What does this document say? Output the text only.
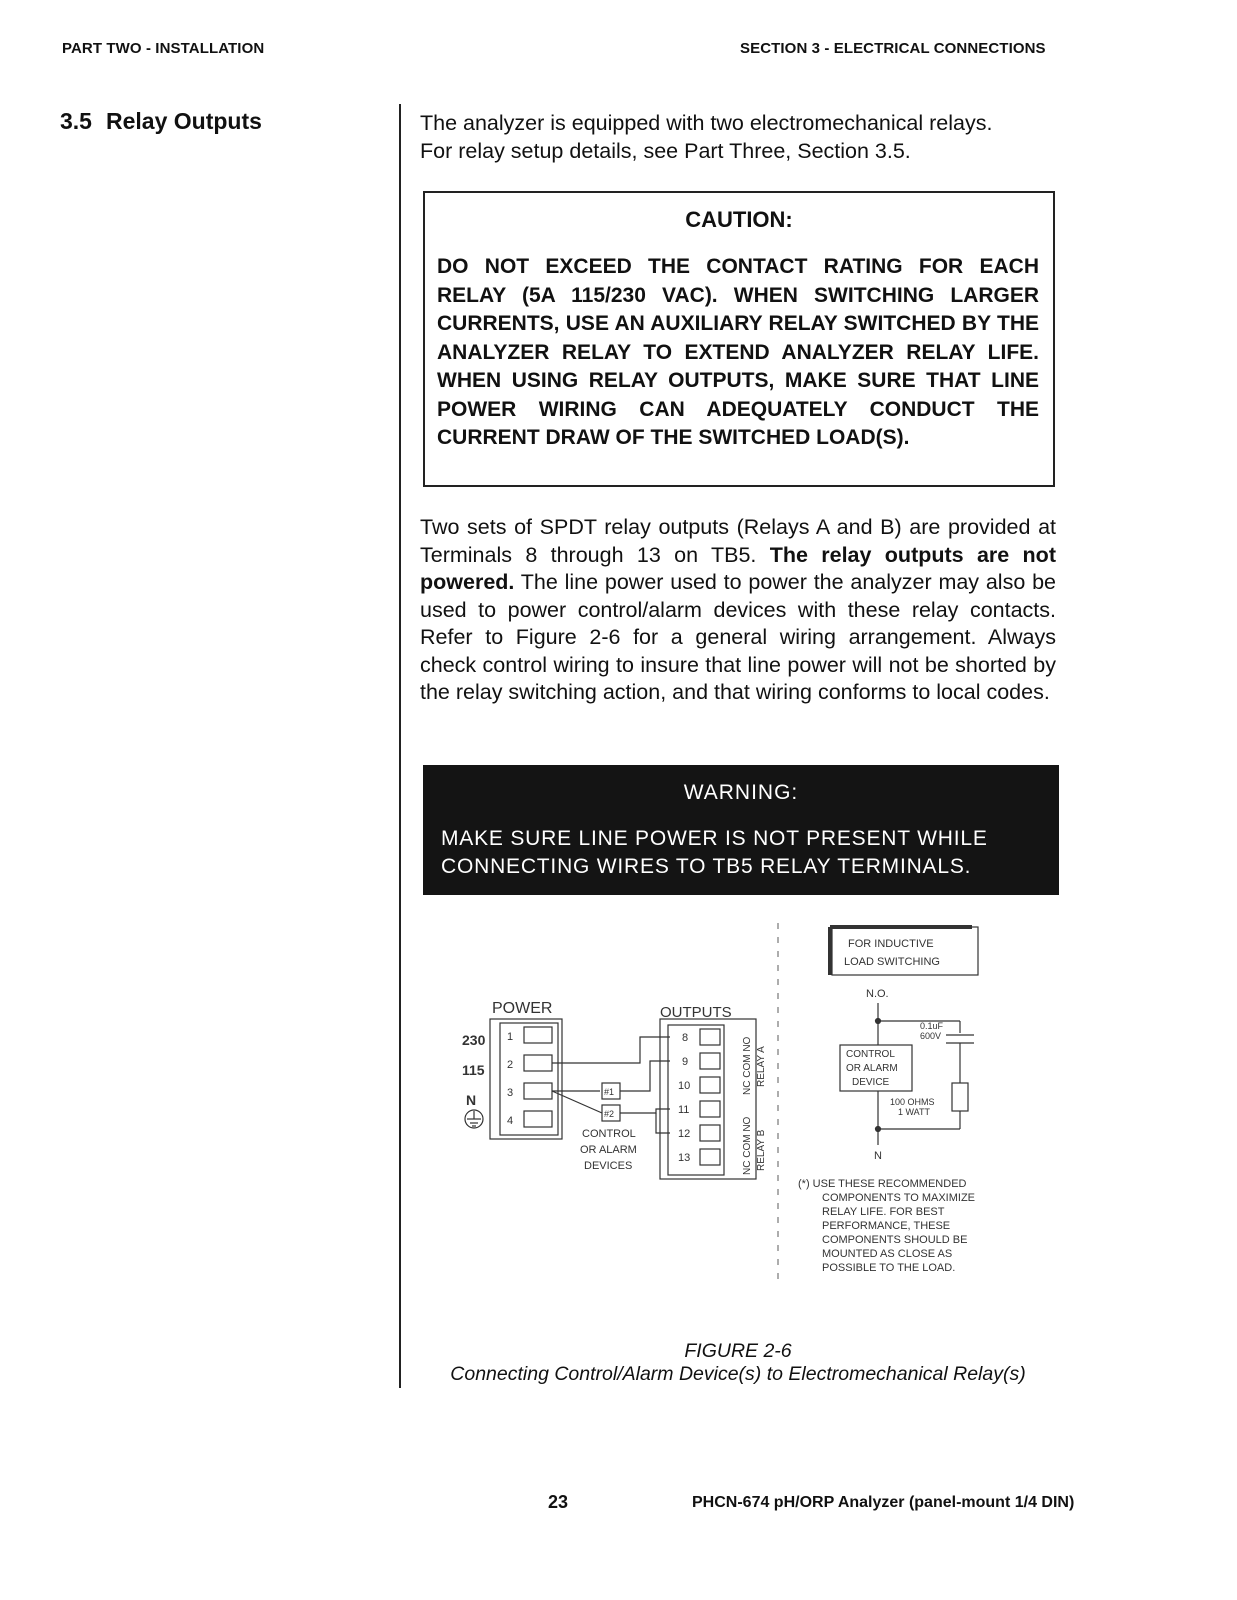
PART TWO - INSTALLATION	SECTION 3 - ELECTRICAL CONNECTIONS
3.5 Relay Outputs	The analyzer is equipped with two electromechanical relays.
For relay setup details, see Part Three, Section 3.5.
CAUTION:
DO NOT EXCEED THE CONTACT RATING FOR EACH RELAY (5A 115/230 VAC). WHEN SWITCHING LARGER CURRENTS, USE AN AUXILIARY RELAY SWITCHED BY THE ANALYZER RELAY TO EXTEND ANALYZER RELAY LIFE. WHEN USING RELAY OUTPUTS, MAKE SURE THAT LINE POWER WIRING CAN ADEQUATELY CONDUCT THE CURRENT DRAW OF THE SWITCHED LOAD(S).
Two sets of SPDT relay outputs (Relays A and B) are provided at Terminals 8 through 13 on TB5. The relay outputs are not powered. The line power used to power the analyzer may also be used to power control/alarm devices with these relay contacts. Refer to Figure 2-6 for a general wiring arrangement. Always check control wiring to insure that line power will not be shorted by the relay switching action, and that wiring conforms to local codes.
WARNING:
MAKE SURE LINE POWER IS NOT PRESENT WHILE
CONNECTING WIRES TO TB5 RELAY TERMINALS.
POWER	OUTPUTS
230
115
N
1
2
3
4
8
9
10
11
12
13
#1
#2
CONTROL
OR ALARM
DEVICES
NC COM NO RELAY A
NC COM NO RELAY B
FOR INDUCTIVE
LOAD SWITCHING
N.O.
0.1uF
600V
CONTROL
OR ALARM
DEVICE
100 OHMS
1 WATT
N
(*) USE THESE RECOMMENDED
COMPONENTS TO MAXIMIZE
RELAY LIFE. FOR BEST
PERFORMANCE, THESE
COMPONENTS SHOULD BE
MOUNTED AS CLOSE AS
POSSIBLE TO THE LOAD.
FIGURE 2-6
Connecting Control/Alarm Device(s) to Electromechanical Relay(s)
23	PHCN-674 pH/ORP Analyzer (panel-mount 1/4 DIN)
